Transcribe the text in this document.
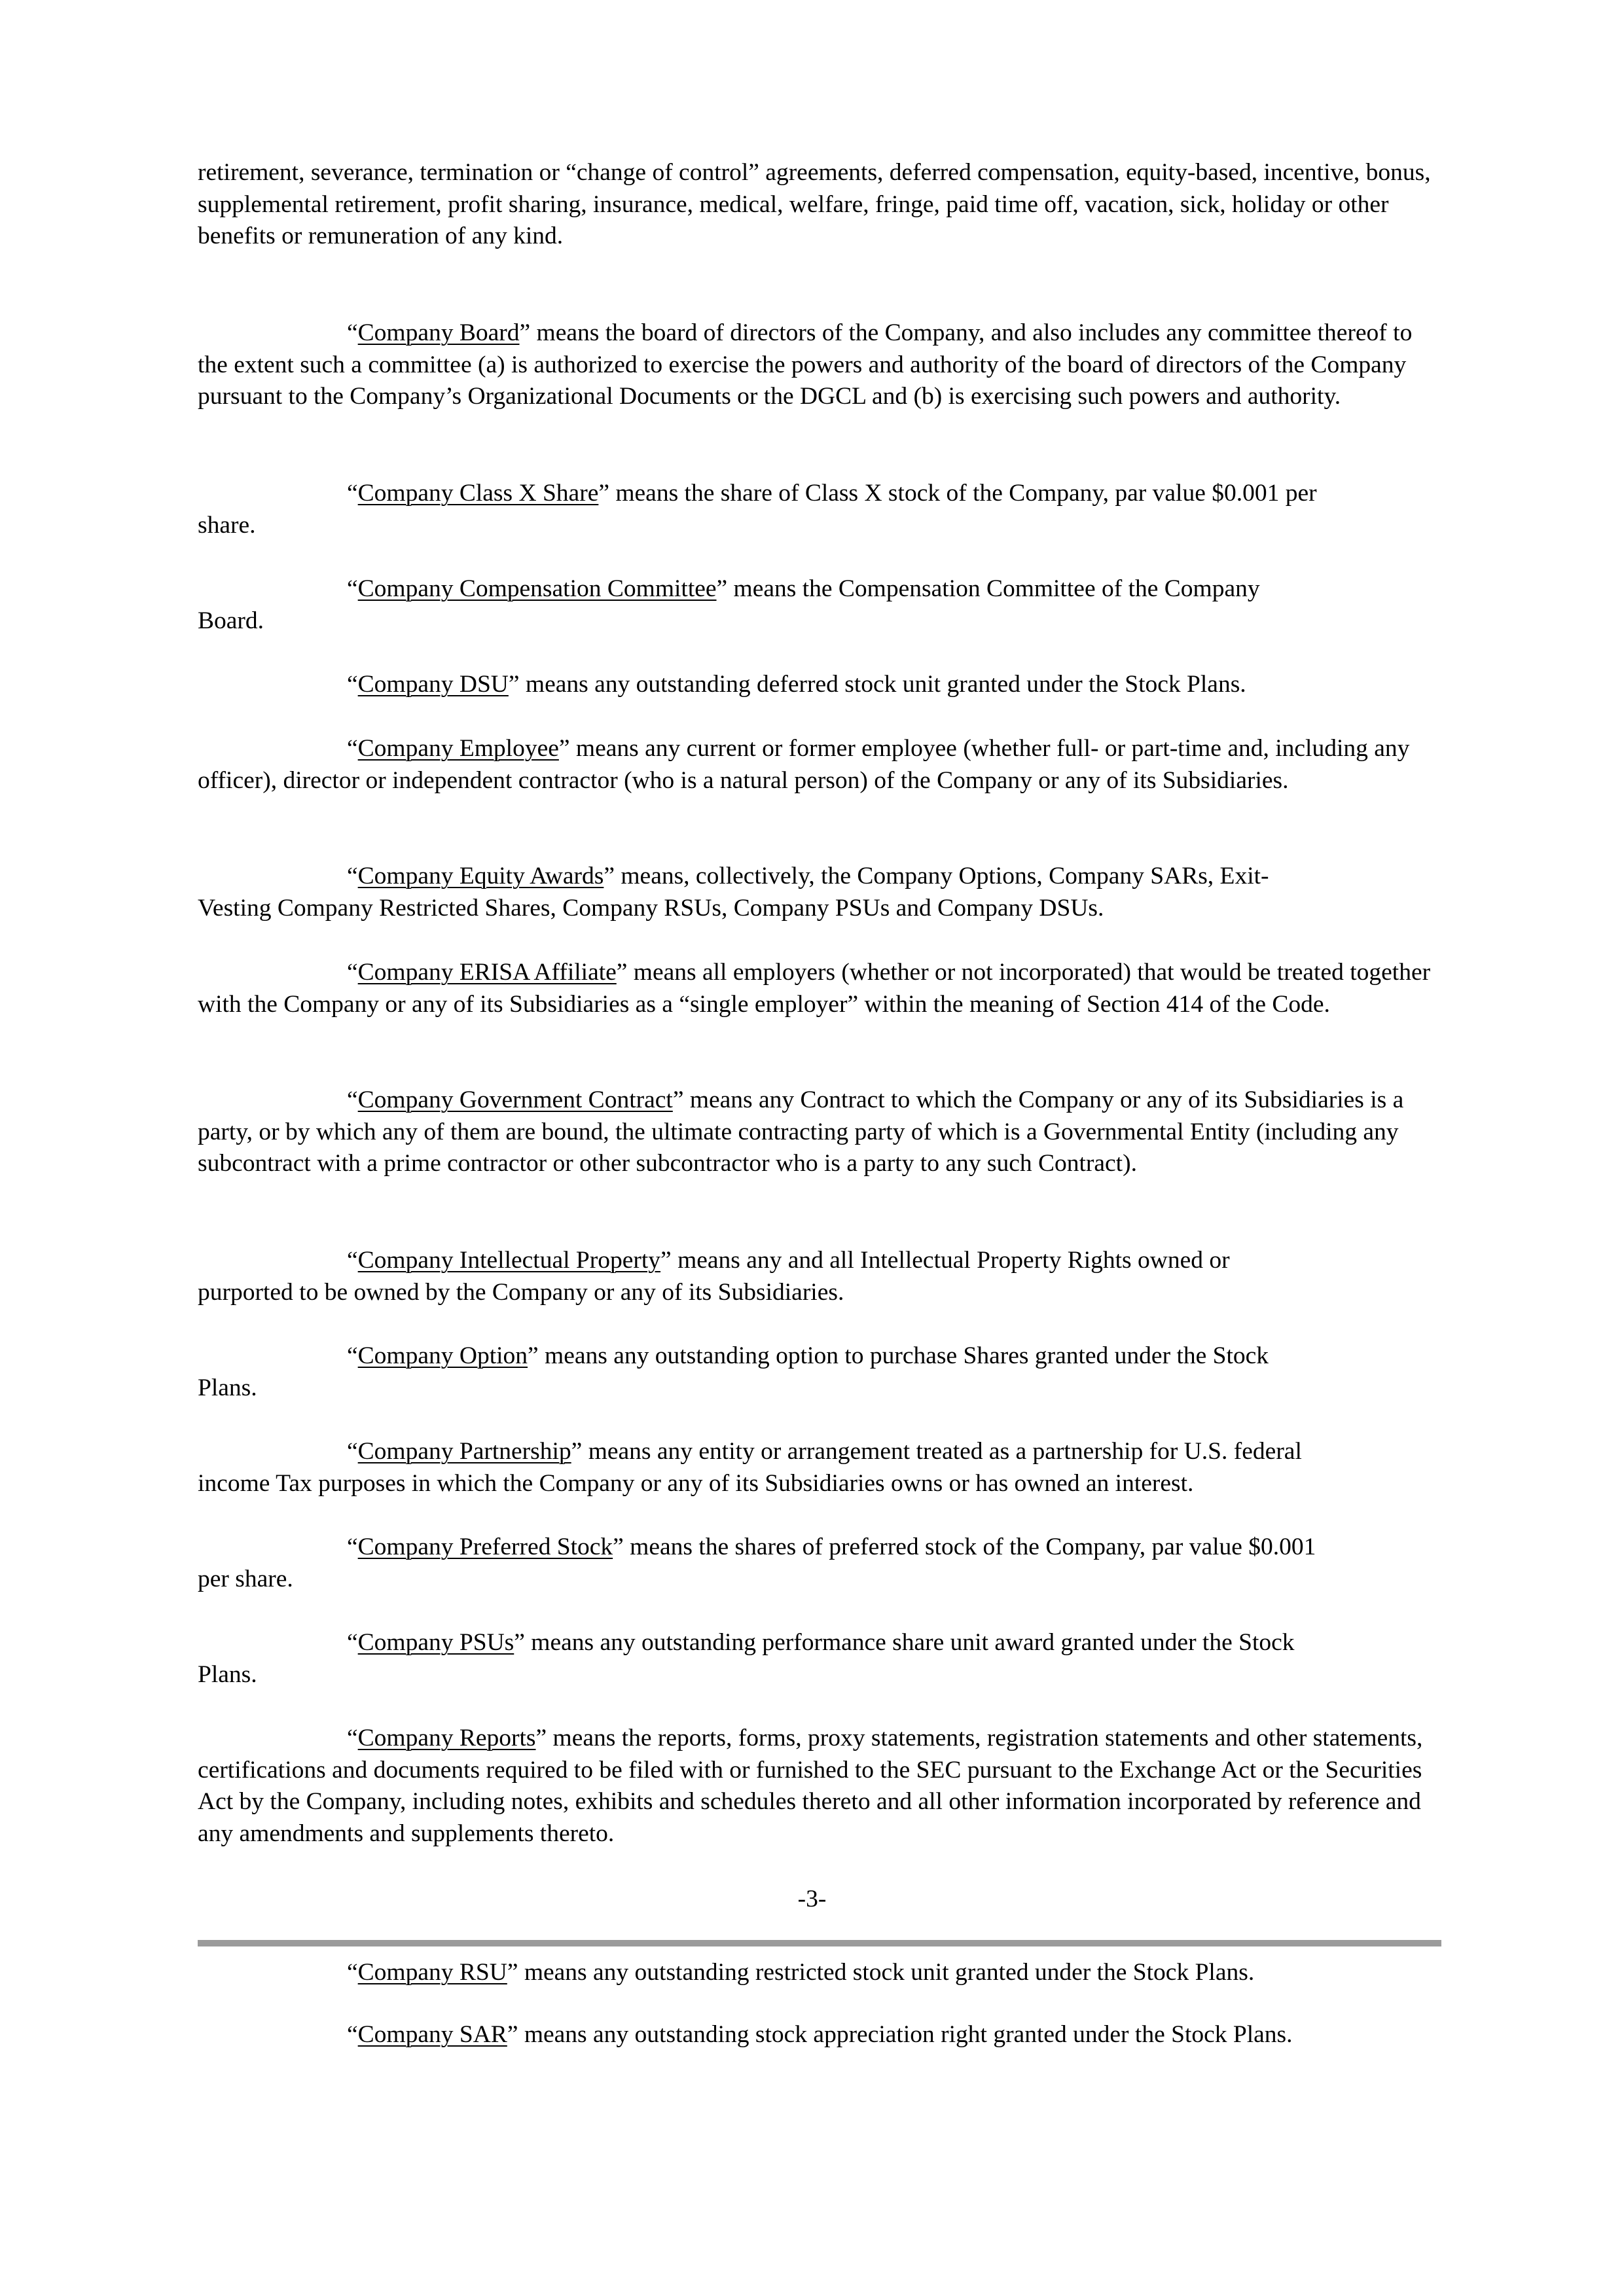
retirement, severance, termination or “change of control” agreements, deferred compensation, equity-based, incentive, bonus, supplemental retirement, profit sharing, insurance, medical, welfare, fringe, paid time off, vacation, sick, holiday or other benefits or remuneration of any kind.

“Company Board” means the board of directors of the Company, and also includes any committee thereof to the extent such a committee (a) is authorized to exercise the powers and authority of the board of directors of the Company pursuant to the Company’s Organizational Documents or the DGCL and (b) is exercising such powers and authority.

“Company Class X Share” means the share of Class X stock of the Company, par value $0.001 per
share.

“Company Compensation Committee” means the Compensation Committee of the Company
Board.

“Company DSU” means any outstanding deferred stock unit granted under the Stock Plans.

“Company Employee” means any current or former employee (whether full- or part-time and, including any officer), director or independent contractor (who is a natural person) of the Company or any of its Subsidiaries.

“Company Equity Awards” means, collectively, the Company Options, Company SARs, Exit-
Vesting Company Restricted Shares, Company RSUs, Company PSUs and Company DSUs.

“Company ERISA Affiliate” means all employers (whether or not incorporated) that would be treated together with the Company or any of its Subsidiaries as a “single employer” within the meaning of Section 414 of the Code.

“Company Government Contract” means any Contract to which the Company or any of its Subsidiaries is a party, or by which any of them are bound, the ultimate contracting party of which is a Governmental Entity (including any subcontract with a prime contractor or other subcontractor who is a party to any such Contract).

“Company Intellectual Property” means any and all Intellectual Property Rights owned or
purported to be owned by the Company or any of its Subsidiaries.

“Company Option” means any outstanding option to purchase Shares granted under the Stock
Plans.

“Company Partnership” means any entity or arrangement treated as a partnership for U.S. federal
income Tax purposes in which the Company or any of its Subsidiaries owns or has owned an interest.

“Company Preferred Stock” means the shares of preferred stock of the Company, par value $0.001
per share.

“Company PSUs” means any outstanding performance share unit award granted under the Stock
Plans.

“Company Reports” means the reports, forms, proxy statements, registration statements and other statements, certifications and documents required to be filed with or furnished to the SEC pursuant to the Exchange Act or the Securities Act by the Company, including notes, exhibits and schedules thereto and all other information incorporated by reference and any amendments and supplements thereto.

“Company RSU” means any outstanding restricted stock unit granted under the Stock Plans.

“Company SAR” means any outstanding stock appreciation right granted under the Stock Plans.

-3-
